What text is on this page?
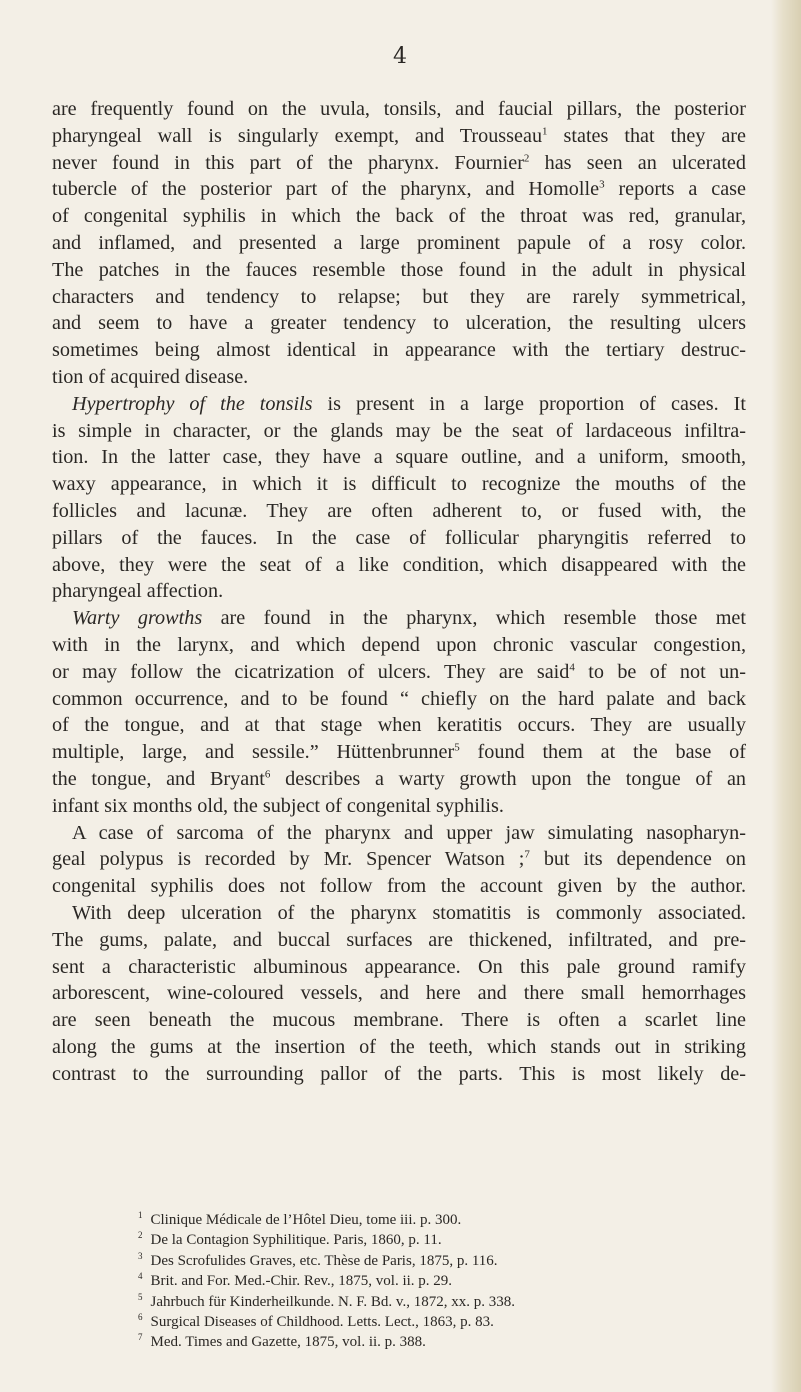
4
are frequently found on the uvula, tonsils, and faucial pillars, the posterior
pharyngeal wall is singularly exempt, and Trousseau$^1$ states that they are
never found in this part of the pharynx. Fournier$^2$ has seen an ulcerated
tubercle of the posterior part of the pharynx, and Homolle$^3$ reports a case
of congenital syphilis in which the back of the throat was red, granular,
and inflamed, and presented a large prominent papule of a rosy color.
The patches in the fauces resemble those found in the adult in physical
characters and tendency to relapse; but they are rarely symmetrical,
and seem to have a greater tendency to ulceration, the resulting ulcers
sometimes being almost identical in appearance with the tertiary destruc-
tion of acquired disease.
Hypertrophy of the tonsils is present in a large proportion of cases. It
is simple in character, or the glands may be the seat of lardaceous infiltra-
tion. In the latter case, they have a square outline, and a uniform, smooth,
waxy appearance, in which it is difficult to recognize the mouths of the
follicles and lacunæ. They are often adherent to, or fused with, the
pillars of the fauces. In the case of follicular pharyngitis referred to
above, they were the seat of a like condition, which disappeared with the
pharyngeal affection.
Warty growths are found in the pharynx, which resemble those met
with in the larynx, and which depend upon chronic vascular congestion,
or may follow the cicatrization of ulcers. They are said$^4$ to be of not un-
common occurrence, and to be found “ chiefly on the hard palate and back
of the tongue, and at that stage when keratitis occurs. They are usually
multiple, large, and sessile.” Hüttenbrunner$^5$ found them at the base of
the tongue, and Bryant$^6$ describes a warty growth upon the tongue of an
infant six months old, the subject of congenital syphilis.
A case of sarcoma of the pharynx and upper jaw simulating nasopharyn-
geal polypus is recorded by Mr. Spencer Watson ;$^7$ but its dependence on
congenital syphilis does not follow from the account given by the author.
With deep ulceration of the pharynx stomatitis is commonly associated.
The gums, palate, and buccal surfaces are thickened, infiltrated, and pre-
sent a characteristic albuminous appearance. On this pale ground ramify
arborescent, wine-coloured vessels, and here and there small hemorrhages
are seen beneath the mucous membrane. There is often a scarlet line
along the gums at the insertion of the teeth, which stands out in striking
contrast to the surrounding pallor of the parts. This is most likely de-
$^1$ Clinique Médicale de l’Hôtel Dieu, tome iii. p. 300.
$^2$ De la Contagion Syphilitique. Paris, 1860, p. 11.
$^3$ Des Scrofulides Graves, etc. Thèse de Paris, 1875, p. 116.
$^4$ Brit. and For. Med.-Chir. Rev., 1875, vol. ii. p. 29.
$^5$ Jahrbuch für Kinderheilkunde. N. F. Bd. v., 1872, xx. p. 338.
$^6$ Surgical Diseases of Childhood. Letts. Lect., 1863, p. 83.
$^7$ Med. Times and Gazette, 1875, vol. ii. p. 388.
